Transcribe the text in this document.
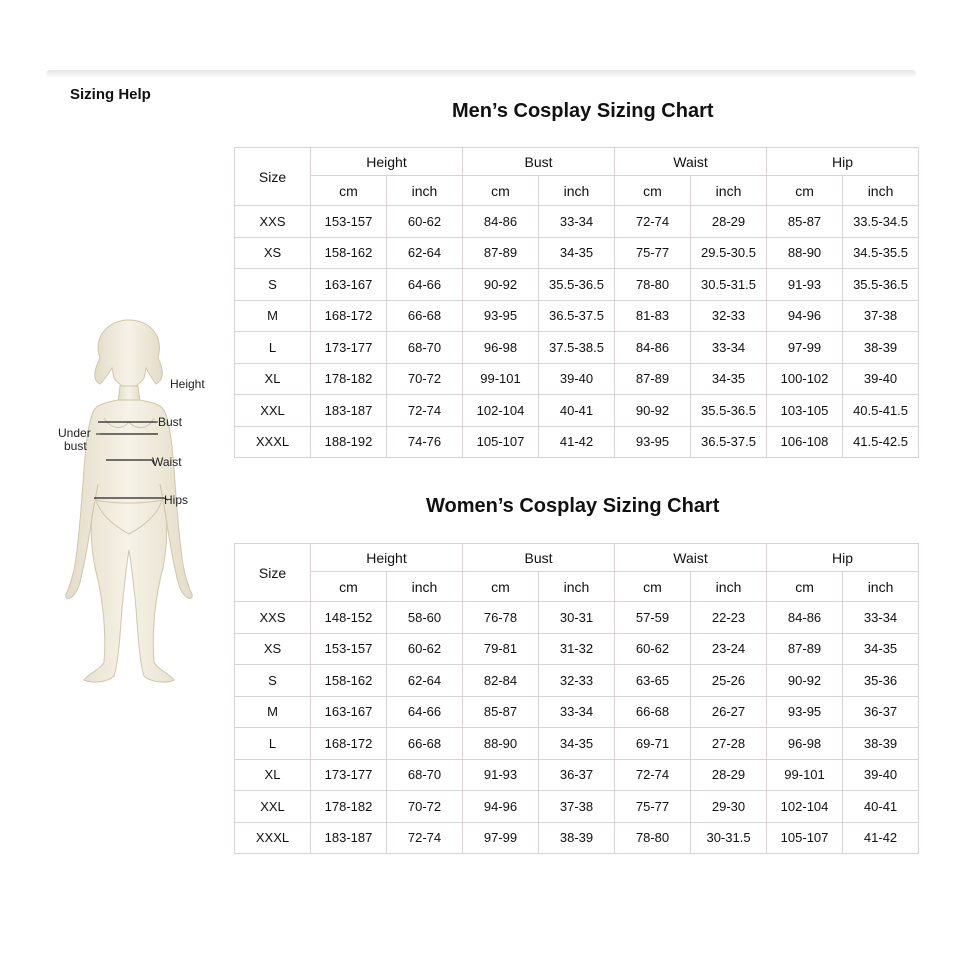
Sizing Help
Height
Bust
Under
bust
Waist
Hips
Men’s Cosplay Sizing Chart
Size	Height		Bust		Waist		Hip	
	cm	inch	cm	inch	cm	inch	cm	inch
XXS	153-157	60-62	84-86	33-34	72-74	28-29	85-87	33.5-34.5
XS	158-162	62-64	87-89	34-35	75-77	29.5-30.5	88-90	34.5-35.5
S	163-167	64-66	90-92	35.5-36.5	78-80	30.5-31.5	91-93	35.5-36.5
M	168-172	66-68	93-95	36.5-37.5	81-83	32-33	94-96	37-38
L	173-177	68-70	96-98	37.5-38.5	84-86	33-34	97-99	38-39
XL	178-182	70-72	99-101	39-40	87-89	34-35	100-102	39-40
XXL	183-187	72-74	102-104	40-41	90-92	35.5-36.5	103-105	40.5-41.5
XXXL	188-192	74-76	105-107	41-42	93-95	36.5-37.5	106-108	41.5-42.5
Women’s Cosplay Sizing Chart
Size	Height		Bust		Waist		Hip	
	cm	inch	cm	inch	cm	inch	cm	inch
XXS	148-152	58-60	76-78	30-31	57-59	22-23	84-86	33-34
XS	153-157	60-62	79-81	31-32	60-62	23-24	87-89	34-35
S	158-162	62-64	82-84	32-33	63-65	25-26	90-92	35-36
M	163-167	64-66	85-87	33-34	66-68	26-27	93-95	36-37
L	168-172	66-68	88-90	34-35	69-71	27-28	96-98	38-39
XL	173-177	68-70	91-93	36-37	72-74	28-29	99-101	39-40
XXL	178-182	70-72	94-96	37-38	75-77	29-30	102-104	40-41
XXXL	183-187	72-74	97-99	38-39	78-80	30-31.5	105-107	41-42
